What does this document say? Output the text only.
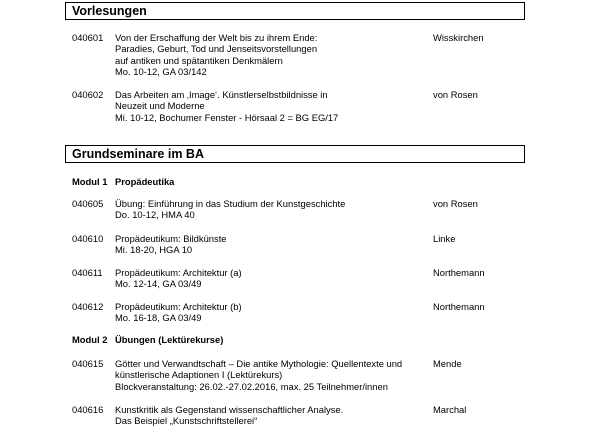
Vorlesungen
040601 Von der Erschaffung der Welt bis zu ihrem Ende:
Paradies, Geburt, Tod und Jenseitsvorstellungen
auf antiken und spätantiken Denkmälern
Mo. 10-12, GA 03/142
Wisskirchen
040602 Das Arbeiten am ‚Image‘. Künstlerselbstbildnisse in
Neuzeit und Moderne
Mi. 10-12, Bochumer Fenster - Hörsaal 2 = BG EG/17
von Rosen
Grundseminare im BA
Modul 1 Propädeutika
040605 Übung: Einführung in das Studium der Kunstgeschichte
Do. 10-12, HMA 40
von Rosen
040610 Propädeutikum: Bildkünste
Mi. 18-20, HGA 10
Linke
040611 Propädeutikum: Architektur (a)
Mo. 12-14, GA 03/49
Northemann
040612 Propädeutikum: Architektur (b)
Mo. 16-18, GA 03/49
Northemann
Modul 2 Übungen (Lektürekurse)
040615 Götter und Verwandtschaft – Die antike Mythologie: Quellentexte und
künstlerische Adaptionen I (Lektürekurs)
Blockveranstaltung: 26.02.-27.02.2016, max. 25 Teilnehmer/innen
Mende
040616 Kunstkritik als Gegenstand wissenschaftlicher Analyse.
Das Beispiel „Kunstschriftstellerei“
Marchal
